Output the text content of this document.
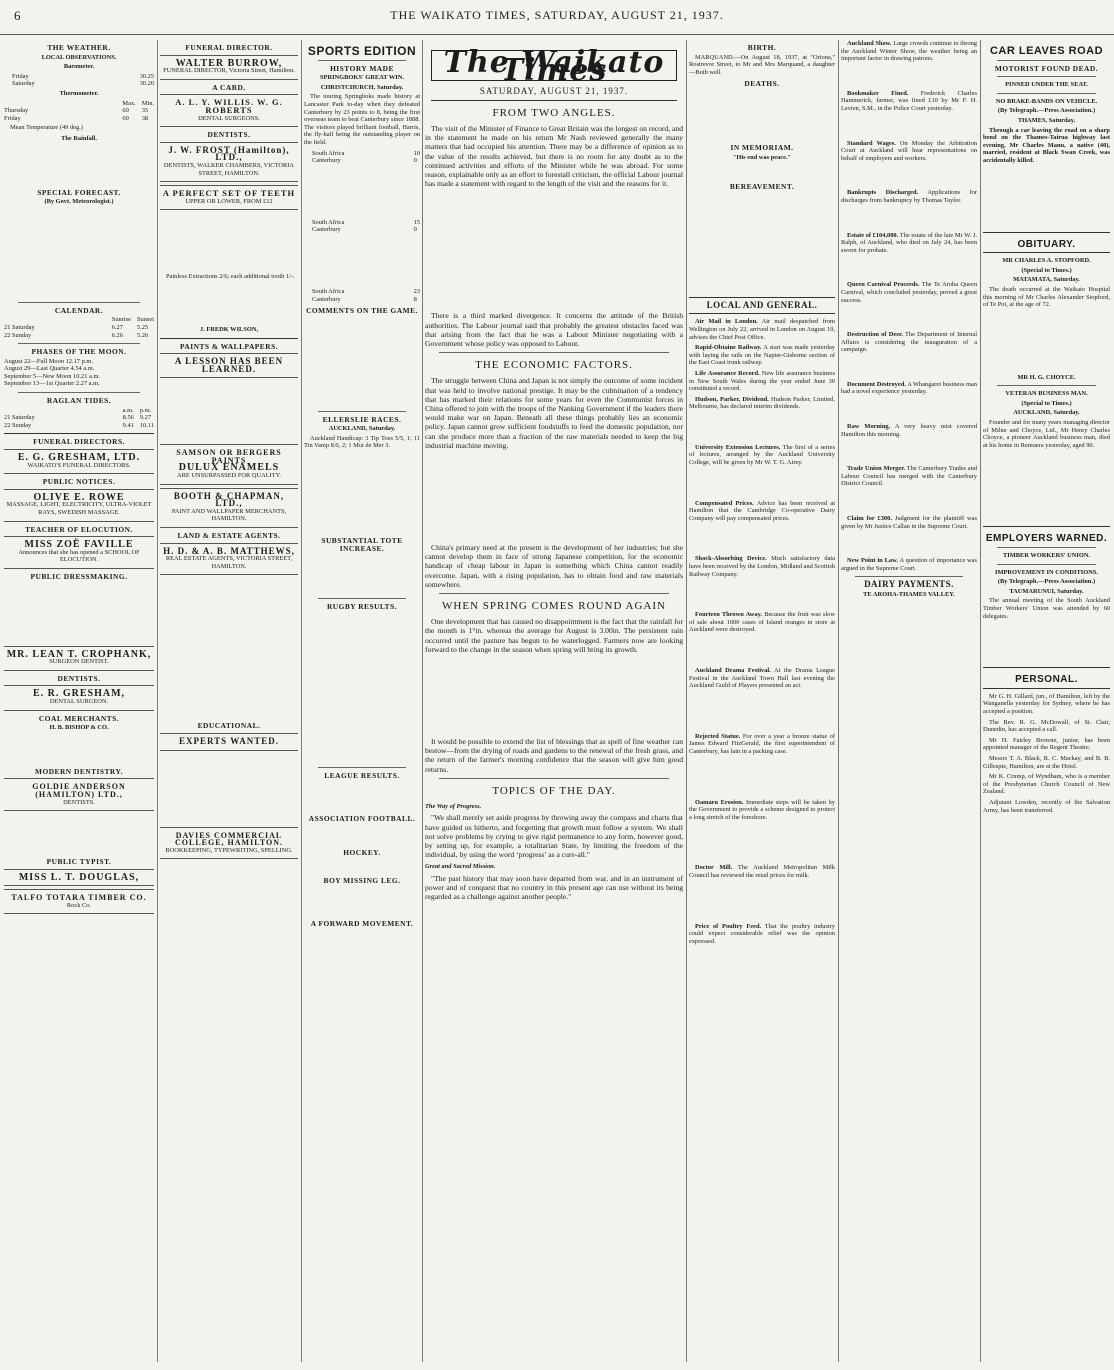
6	THE WAIKATO TIMES, SATURDAY, AUGUST 21, 1937.
THE WEATHER.
LOCAL OBSERVATIONS.
Barometer.
Friday	30.25
Saturday	30.20
Thermometer.
Max. Min.
Thursday	60	35
Friday	60	38

Mean Temperature (49 deg.)

The Rainfall.
SPECIAL FORECAST.
(By Govt. Meteorologist.)
CALENDAR.
Sunrise Sunset
21 Saturday	6.27	5.25
22 Sunday	6.26	5.26
PHASES OF THE MOON.
August 22—Full Moon 12.17 p.m.
August 29—Last Quarter 4.54 a.m.
September 5—New Moon 10.21 a.m.
September 13—1st Quarter 2.27 a.m.
RAGLAN TIDES.
a.m. p.m.
21 Saturday	8.56 9.27
22 Sunday	9.41 10.11
FUNERAL DIRECTORS.
E. G. GRESHAM, LTD.
WAIKATO'S FUNERAL DIRECTORS.
PUBLIC NOTICES.
OLIVE E. ROWE
MASSAGE, LIGHT, ELECTRICITY, ULTRA-VIOLET RAYS, SWEDISH MASSAGE.
TEACHER OF ELOCUTION.
MISS ZOË FAVILLE
Announces that she has opened a SCHOOL OF ELOCUTION.
PUBLIC DRESSMAKING.
MR. LEAN T. CROPHANK,
SURGEON DENTIST.
DENTISTS.
E. R. GRESHAM,
DENTAL SURGEON.
COAL MERCHANTS.
H. B. BISHOP & CO.
MODERN DENTISTRY.
GOLDIE ANDERSON (HAMILTON) LTD.,
DENTISTS.
PUBLIC TYPIST.
MISS L. T. DOUGLAS,
TALFO TOTARA TIMBER CO.
Rock Co.
FUNERAL DIRECTOR.
WALTER BURROW,
FUNERAL DIRECTOR, Victoria Street, Hamilton.
A CARD.
A. L. Y. WILLIS. W. G. ROBERTS
DENTAL SURGEONS.
DENTISTS.
J. W. FROST (Hamilton), LTD.,
DENTISTS, WALKER CHAMBERS, VICTORIA STREET, HAMILTON.
A PERFECT SET OF TEETH
UPPER OR LOWER, FROM £12

Painless Extractions 2/6; each additional tooth 1/-.

J. FREDK WILSON,
PAINTS & WALLPAPERS.
A LESSON HAS BEEN LEARNED.
SAMSON OR BERGERS PAINTS
DULUX ENAMELS
ARE UNSURPASSED FOR QUALITY.
BOOTH & CHAPMAN, LTD.,
PAINT AND WALLPAPER MERCHANTS, HAMILTON.
LAND & ESTATE AGENTS.
H. D. & A. B. MATTHEWS,
REAL ESTATE AGENTS, VICTORIA STREET, HAMILTON.
EDUCATIONAL.
EXPERTS WANTED.
DAVIES COMMERCIAL COLLEGE, HAMILTON.
BOOKKEEPING, TYPEWRITING, SPELLING.
SPORTS EDITION
HISTORY MADE
SPRINGBOKS' GREAT WIN.
CHRISTCHURCH, Saturday.

The touring Springboks made history at Lancaster Park to-day when they defeated Canterbury by 23 points to 8, being the first overseas team to beat Canterbury since 1888. The visitors played brilliant football, Harris, the fly-half being the outstanding player on the field.

South Africa	10
Canterbury	0
South Africa	15
Canterbury	0
South Africa	23
Canterbury	8
COMMENTS ON THE GAME.
ELLERSLIE RACES.
AUCKLAND, Saturday.

Auckland Handicap: 3 Tip Toes 5/5, 1; 11 Tin Vamp 8.0, 2; 1 Mui de Mer 3.

SUBSTANTIAL TOTE INCREASE.
RUGBY RESULTS.
LEAGUE RESULTS.
ASSOCIATION FOOTBALL.
HOCKEY.
BOY MISSING LEG.
A FORWARD MOVEMENT.
The Waikato Times
SATURDAY, AUGUST 21, 1937.
FROM TWO ANGLES.

The visit of the Minister of Finance to Great Britain was the longest on record, and in the statement he made on his return Mr Nash reviewed generally the many matters that had occupied his attention. There may be a difference of opinion as to the value of the results achieved, but there is no room for any doubt as to the continued activities and efforts of the Minister while he was abroad. For some reason, explainable only as an effort to forestall criticism, the official Labour journal has made a statement with regard to the length of the visit and the reasons for it.

There is a third marked divergence. It concerns the attitude of the British authorities. The Labour journal said that probably the greatest obstacles faced was that arising from the fact that he was a Labour Minister negotiating with a Government whose policy was opposed to Labour.

THE ECONOMIC FACTORS.

The struggle between China and Japan is not simply the outcome of some incident that was held to involve national prestige. It may be the culmination of a tendency that has marked their relations for some years for even the Communist forces in China offered to join with the troops of the Nanking Government if the leaders there would make war on Japan. Beneath all these things probably lies an economic policy. Japan cannot grow sufficient foodstuffs to feed the domestic population, nor can she produce more than a fraction of the raw materials needed to keep the big industrial machine moving.

China's primary need at the present is the development of her industries; but she cannot develop them in face of strong Japanese competition, for the economic handicap of cheap labour in Japan is something which China cannot readily overcome. Japan, with a rising population, has to obtain food and raw materials somewhere.

WHEN SPRING COMES ROUND AGAIN

One development that has caused no disappointment is the fact that the rainfall for the month is 1°in. whereas the average for August is 3.00in. The persistent rain occurred until the pasture has begun to be waterlogged. Farmers now are looking forward to the change in the season when spring will bring its growth.

It would be possible to extend the list of blessings that as spell of fine weather can bestow—from the drying of roads and gardens to the renewal of the fresh grass, and the return of the farmer's morning confidence that the season will give him good returns.

TOPICS OF THE DAY.
The Way of Progress.

"We shall merely set aside progress by throwing away the compass and charts that have guided us hitherto, and forgetting that growth must follow a system. We shall not solve problems by crying to give rigid permanence to any form, however good, by setting up, for example, a totalitarian State, by limiting the freedom of the individual, by using the word ‘progress’ as a cure-all."

Great and Sacred Mission.

"The past history that may soon have departed from war, and in an instrument of power and of conquest that no country in this present age can use without its being regarded as a challenge against another people."

BIRTH.

MARQUAND.—On August 18, 1937, at "Oriona," Rostrevor Street, to Mr and Mrs Marquand, a daughter—Both well.

DEATHS.
IN MEMORIAM.
"His end was peace."
BEREAVEMENT.
LOCAL AND GENERAL.

Air Mail in London. Air mail despatched from Wellington on July 22, arrived in London on August 19, advises the Chief Post Office.

Rapid-Obtaine Railway. A start was made yesterday with laying the rails on the Napier-Gisborne section of the East Coast trunk railway.

Life Assurance Record. New life assurance business in New South Wales during the year ended June 30 constituted a record.

Hudson, Parker, Dividend. Hudson Parker, Limited, Melbourne, has declared interim dividends.

University Extension Lectures. The first of a series of lectures, arranged by the Auckland University College, will be given by Mr W. T. G. Airey.

Compensated Prices. Advice has been received at Hamilton that the Cambridge Co-operative Dairy Company will pay compensated prices.

Shock-Absorbing Device. Much satisfactory data have been received by the London, Midland and Scottish Railway Company.

Fourteen Thrown Away. Because the fruit was slow of sale about 1000 cases of Island oranges in store at Auckland were destroyed.

Auckland Drama Festival. At the Drama League Festival in the Auckland Town Hall last evening the Auckland Guild of Players presented an act.

Rejected Statue. For over a year a bronze statue of James Edward FitzGerald, the first superintendent of Canterbury, has lain in a packing case.

Oamaru Erosion. Immediate steps will be taken by the Government to provide a scheme designed to protect a long stretch of the foreshore.

Doctor Mill. The Auckland Metropolitan Milk Council has reviewed the retail prices for milk.

Price of Poultry Feed. That the poultry industry could expect considerable relief was the opinion expressed.

Auckland Show. Large crowds continue to throng the Auckland Winter Show, the weather being an important factor in drawing patrons.

Bookmaker Fined. Frederick Charles Hammerick, farmer, was fined £10 by Mr F. H. Levien, S.M., in the Police Court yesterday.

Standard Wages. On Monday the Arbitration Court at Auckland will hear representations on behalf of employers and workers.

Bankrupts Discharged. Applications for discharges from bankruptcy by Thomas Taylor.

Estate of £104,000. The estate of the late Mr W. J. Ralph, of Auckland, who died on July 24, has been sworn for probate.

Queen Carnival Proceeds. The Te Aroha Queen Carnival, which concluded yesterday, proved a great success.

Destruction of Deer. The Department of Internal Affairs is considering the inauguration of a campaign.

Document Destroyed. A Whangarei business man had a novel experience yesterday.

Raw Morning. A very heavy mist covered Hamilton this morning.

Trade Union Merger. The Canterbury Trades and Labour Council has merged with the Canterbury District Council.

Claim for £300. Judgment for the plaintiff was given by Mr Justice Callan in the Supreme Court.

New Point in Law. A question of importance was argued in the Supreme Court.

DAIRY PAYMENTS.
TE AROHA-THAMES VALLEY.
CAR LEAVES ROAD
MOTORIST FOUND DEAD.
PINNED UNDER THE SEAT.
NO BRAKE-BANDS ON VEHICLE.
(By Telegraph.—Press Association.)
THAMES, Saturday.

Through a car leaving the road on a sharp bend on the Thames-Tairua highway last evening, Mr Charles Manu, a native (40), married, resident at Black Swan Creek, was accidentally killed.

OBITUARY.
MR CHARLES A. STOPFORD.
(Special to Times.)
MATAMATA, Saturday.

The death occurred at the Waikato Hospital this morning of Mr Charles Alexander Stopford, of Te Poi, at the age of 72.

MR H. G. CHOYCE.
VETERAN BUSINESS MAN.
(Special to Times.)
AUCKLAND, Saturday.

Founder and for many years managing director of Milne and Choyce, Ltd., Mr Henry Charles Choyce, a pioneer Auckland business man, died at his home in Remuera yesterday, aged 90.

EMPLOYERS WARNED.
TIMBER WORKERS' UNION.
IMPROVEMENT IN CONDITIONS.
(By Telegraph.—Press Association.)
TAUMARUNUI, Saturday.

The annual meeting of the South Auckland Timber Workers' Union was attended by 60 delegates.

PERSONAL.

Mr G. H. Gillard, jun., of Hamilton, left by the Wanganella yesterday for Sydney, where he has accepted a position.

The Rev. R. G. McDowall, of St. Clair, Dunedin, has accepted a call.

Mr H. Fairley Browne, junior, has been appointed manager of the Regent Theatre.

Messrs T. A. Black, R. C. Mackay, and B. B. Gillespie, Hamilton, are at the Hotel.

Mr K. Crump, of Wyndham, who is a member of the Presbyterian Church Council of New Zealand.

Adjutant Lowden, recently of the Salvation Army, has been transferred.
